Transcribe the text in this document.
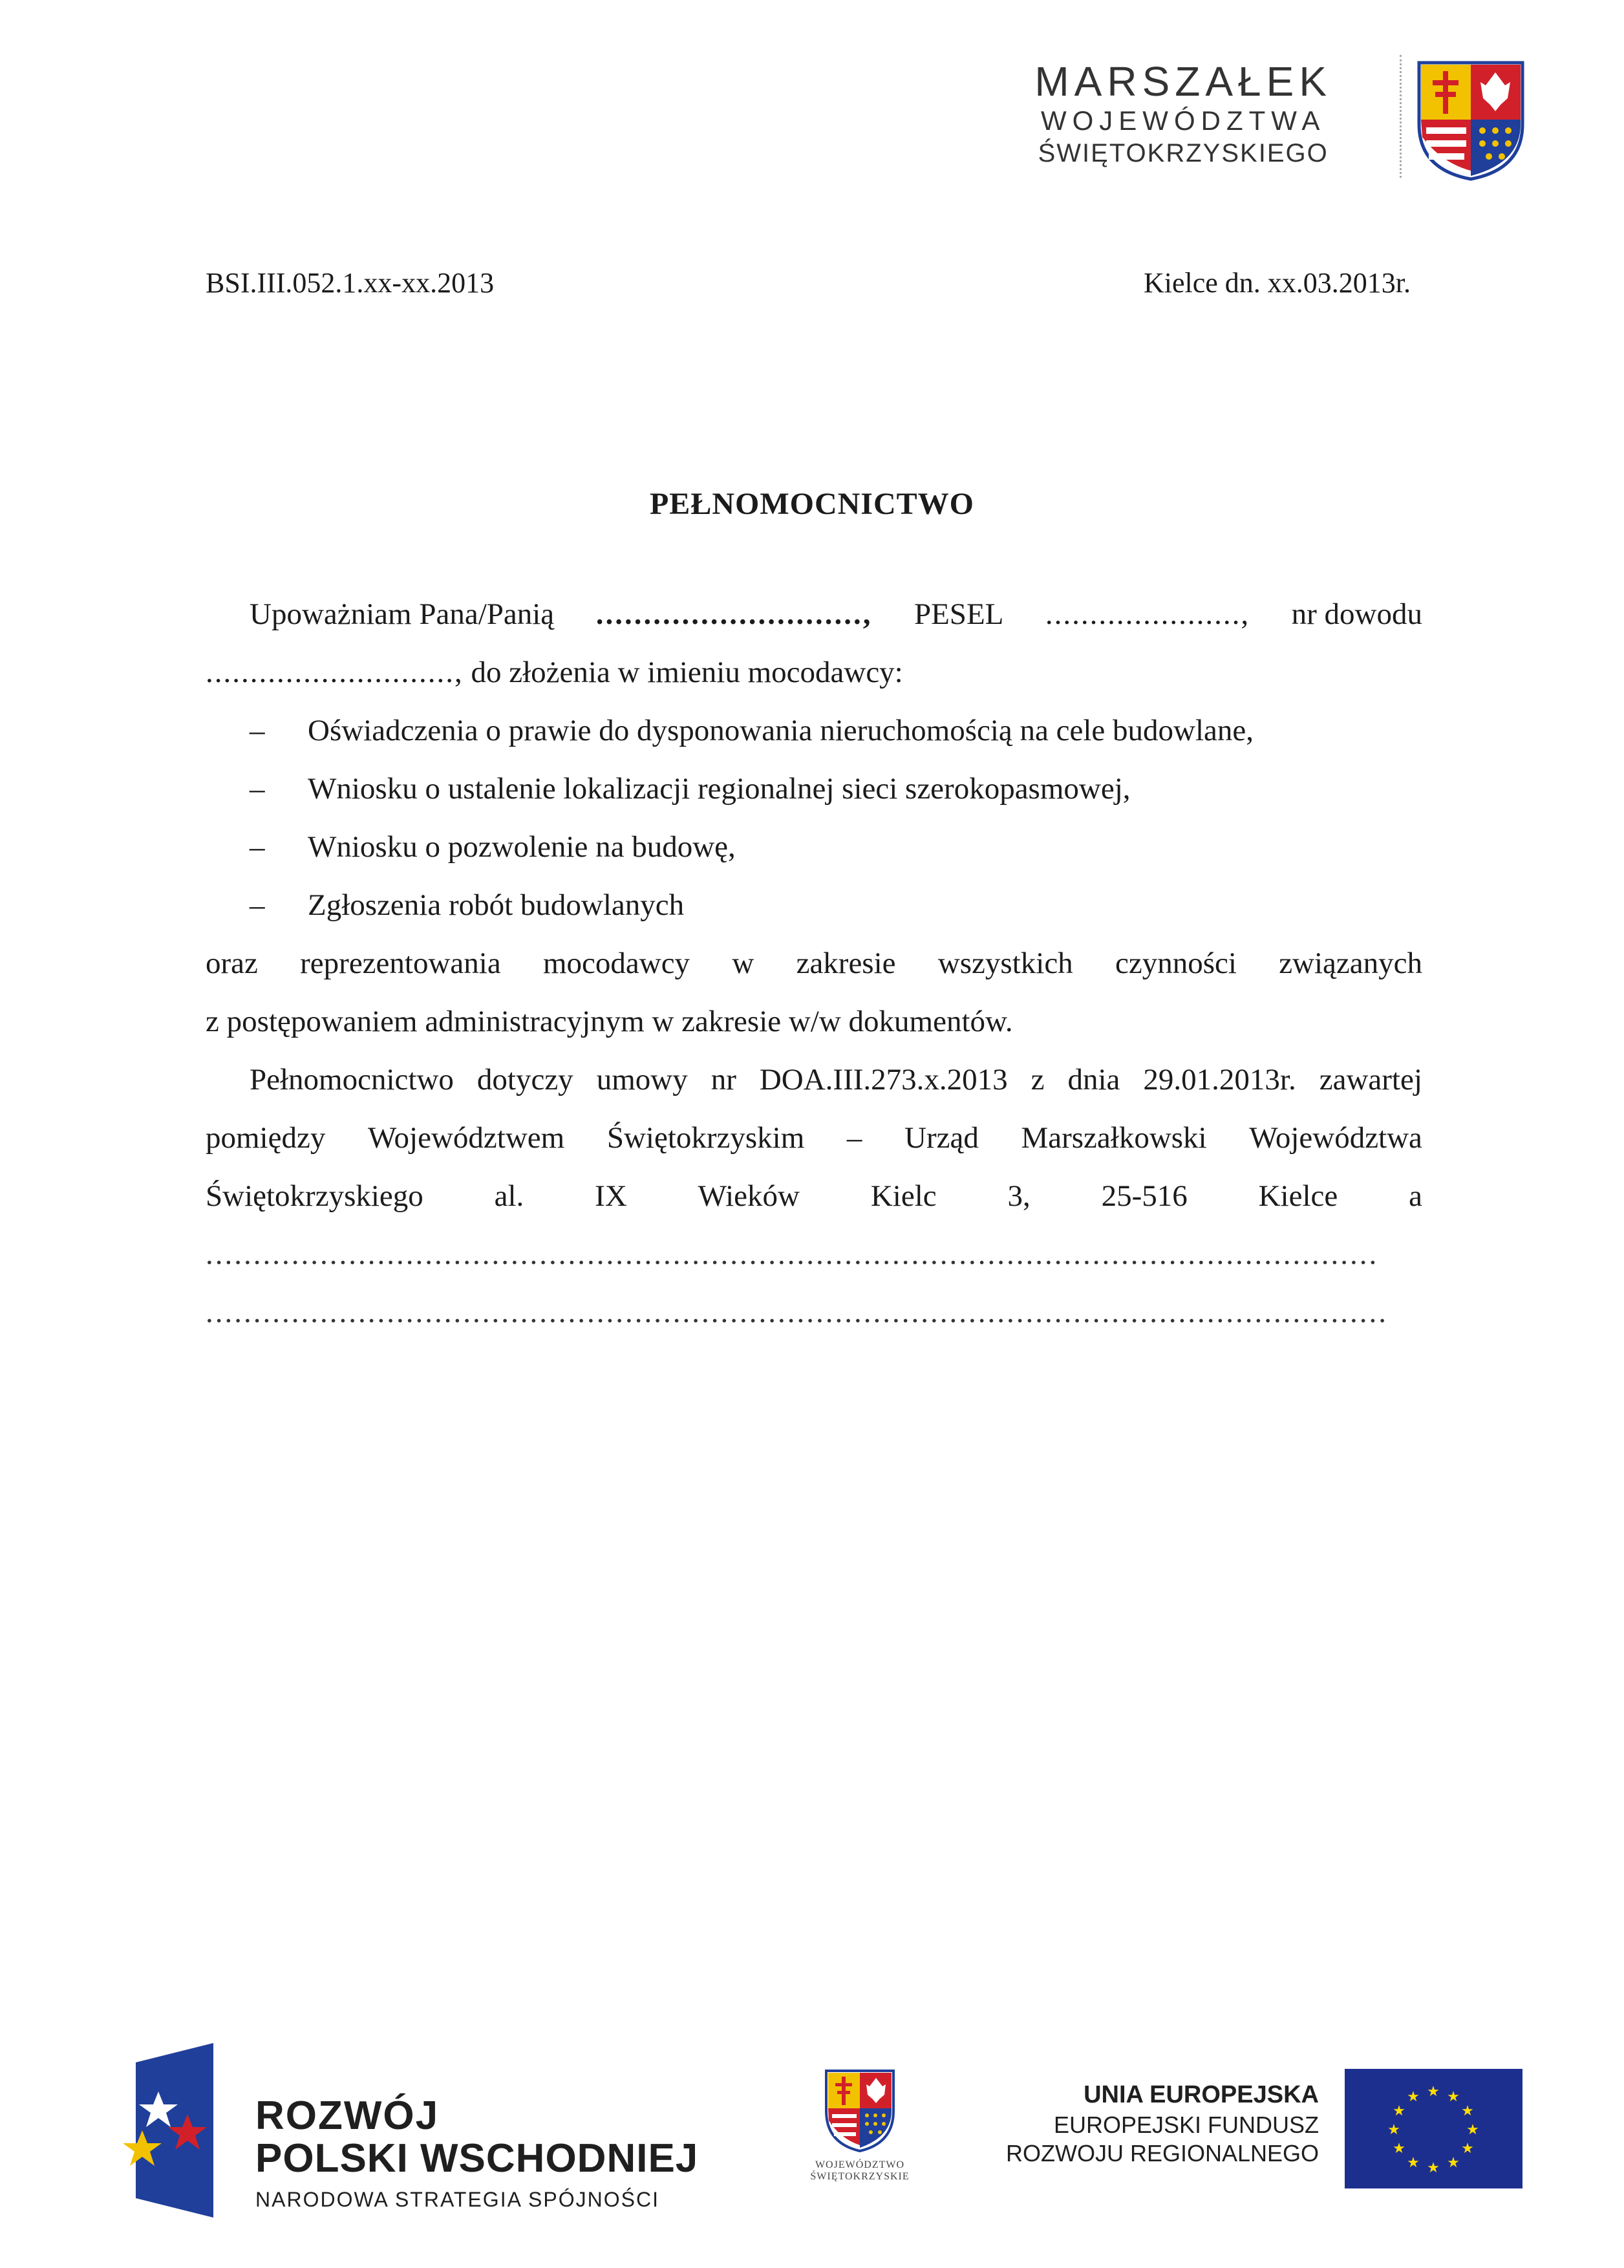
MARSZAŁEK
WOJEWÓDZTWA
ŚWIĘTOKRZYSKIEGO
BSI.III.052.1.xx-xx.2013	Kielce dn. xx.03.2013r.
PEŁNOMOCNICTWO
Upoważniam Pana/Panią ............................, PESEL ......................, nr dowodu
............................, do złożenia w imieniu mocodawcy:
– Oświadczenia o prawie do dysponowania nieruchomością na cele budowlane,
– Wniosku o ustalenie lokalizacji regionalnej sieci szerokopasmowej,
– Wniosku o pozwolenie na budowę,
– Zgłoszenia robót budowlanych
oraz reprezentowania mocodawcy w zakresie wszystkich czynności związanych
z postępowaniem administracyjnym w zakresie w/w dokumentów.
Pełnomocnictwo dotyczy umowy nr DOA.III.273.x.2013 z dnia 29.01.2013r. zawartej
pomiędzy Województwem Świętokrzyskim – Urząd Marszałkowski Województwa
Świętokrzyskiego al. IX Wieków Kielc 3, 25-516 Kielce a
...........................................................................................................................
............................................................................................................................
ROZWÓJ
POLSKI WSCHODNIEJ
NARODOWA STRATEGIA SPÓJNOŚCI
WOJEWÓDZTWO
ŚWIĘTOKRZYSKIE
UNIA EUROPEJSKA
EUROPEJSKI FUNDUSZ
ROZWOJU REGIONALNEGO
★ ★
★
★
★
★
★
★
★
★
★
★
